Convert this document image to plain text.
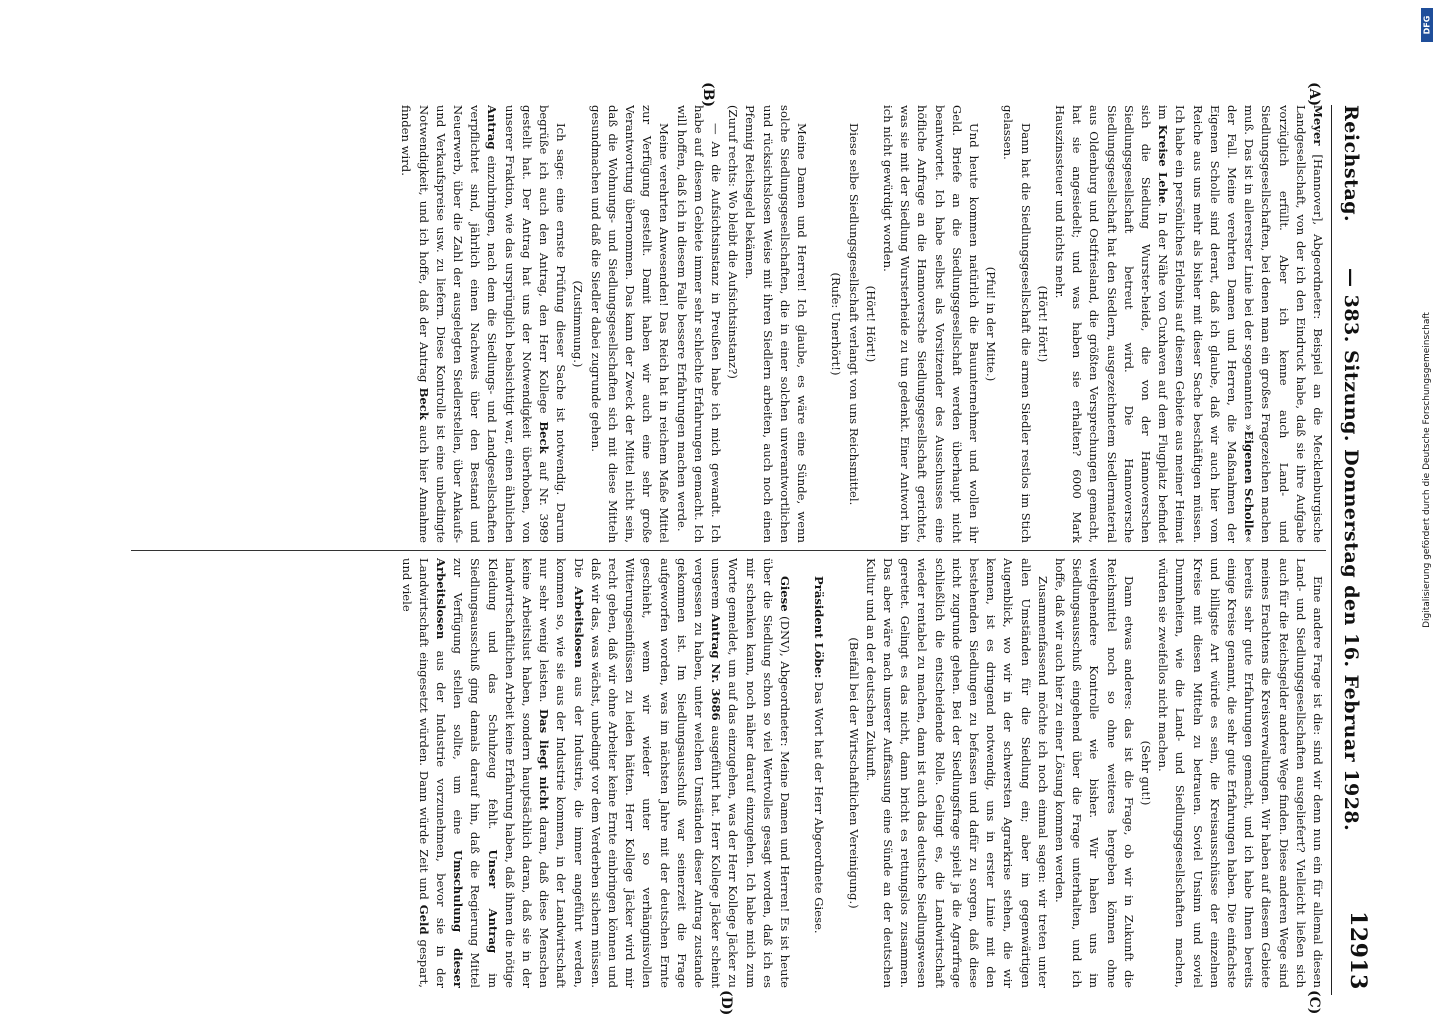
Reichstag.
— 383. Sitzung. Donnerstag den 16. Februar 1928.
12913
(A)
(B)
(C)
(D)

Meyer [Hannover], Abgeordneter: Beispiel an die Mecklenburgische Landgesellschaft, von der ich den Eindruck habe, daß sie ihre Aufgabe vorzüglich erfüllt. Aber ich kenne auch Land- und Siedlungsgesellschaften, bei denen man ein großes Fragezeichen machen muß. Das ist in allererster Linie bei der sogenannten »Eigenen Scholle« der Fall. Meine verehrten Damen und Herren, die Maßnahmen der Eigenen Scholle sind derart, daß ich glaube, daß wir auch hier vom Reiche aus uns mehr als bisher mit dieser Sache beschäftigen müssen. Ich habe ein persönliches Erlebnis auf diesem Gebiete aus meiner Heimat im Kreise Lehe. In der Nähe von Cuxhaven auf dem Flugplatz befindet sich die Siedlung Wurster-heide, die von der Hannoverschen Siedlungsgesellschaft betreut wird. Die Hannoversche Siedlungsgesellschaft hat den Siedlern, ausgezeichnetem Siedlermaterial aus Oldenburg und Ostfriesland, die größten Versprechungen gemacht, hat sie angesiedelt; und was haben sie erhalten? 6000 Mark Hauszinssteuer und nichts mehr.

(Hört! Hört!)

Dann hat die Siedlungsgesellschaft die armen Siedler restlos im Stich gelassen.

(Pfui! in der Mitte.)

Und heute kommen natürlich die Bauunternehmer und wollen ihr Geld. Briefe an die Siedlungsgesellschaft werden überhaupt nicht beantwortet. Ich habe selbst als Vorsitzender des Ausschusses eine höfliche Anfrage an die Hannoversche Siedlungsgesellschaft gerichtet, was sie mit der Siedlung Wursterheide zu tun gedenkt. Einer Antwort bin ich nicht gewürdigt worden.

(Hört! Hört!)

Diese selbe Siedlungsgesellschaft verlangt von uns Reichsmittel.

(Rufe: Unerhört!)

Meine Damen und Herren! Ich glaube, es wäre eine Sünde, wenn solche Siedlungsgesellschaften, die in einer solchen unverantwortlichen und rücksichtslosen Weise mit ihren Siedlern arbeiten, auch noch einen Pfennig Reichsgeld bekämen.

(Zuruf rechts: Wo bleibt die Aufsichtsinstanz?)

— An die Aufsichtsinstanz in Preußen habe ich mich gewandt. Ich habe auf diesem Gebiete immer sehr schlechte Erfahrungen gemacht. Ich will hoffen, daß ich in diesem Falle bessere Erfahrungen machen werde.

Meine verehrten Anwesenden! Das Reich hat in reichem Maße Mittel zur Verfügung gestellt. Damit haben wir auch eine sehr große Verantwortung übernommen. Das kann der Zweck der Mittel nicht sein, daß die Wohnungs- und Siedlungsgesellschaften sich mit diese Mitteln gesundmachen und daß die Siedler dabei zugrunde gehen.

(Zustimmung.)

Ich sage: eine ernste Prüfung dieser Sache ist notwendig. Darum begrüße ich auch den Antrag, den Herr Kollege Beck auf Nr. 3989 gestellt hat. Der Antrag hat uns der Notwendigkeit überhoben, von unserer Fraktion, wie das ursprünglich beabsichtigt war, einen ähnlichen Antrag einzubringen, nach dem die Siedlungs- und Landgesellschaften verpflichtet sind, jährlich einen Nachweis über den Bestand und Neuerwerb, über die Zahl der ausgelegten Siedlerstellen, über Ankaufs- und Verkaufspreise usw. zu liefern. Diese Kontrolle ist eine unbedingte Notwendigkeit, und ich hoffe, daß der Antrag Beck auch hier Annahme finden wird.

Eine andere Frage ist die: sind wir denn nun ein für allemal diesen Land- und Siedlungsgesellschaften ausgeliefert? Vielleicht ließen sich auch für die Reichsgelder andere Wege finden. Diese anderen Wege sind meines Erachtens die Kreisverwaltungen. Wir haben auf diesem Gebiete bereits sehr gute Erfahrungen gemacht, und ich habe Ihnen bereits einige Kreise genannt, die sehr gute Erfahrungen haben. Die einfachste und billigste Art würde es sein, die Kreisausschüsse der einzelnen Kreise mit diesen Mitteln zu betrauen. Soviel Unsinn und soviel Dummheiten, wie die Land- und Siedlungsgesellschaften machen, würden sie zweifellos nicht machen.

(Sehr gut!)

Dann etwas anderes: das ist die Frage, ob wir in Zukunft die Reichsmittel noch so ohne weiteres hergeben können ohne weitgehendere Kontrolle wie bisher. Wir haben uns im Siedlungsausschuß eingehend über die Frage unterhalten, und ich hoffe, daß wir auch hier zu einer Lösung kommen werden.

Zusammenfassend möchte ich noch einmal sagen: wir treten unter allen Umständen für die Siedlung ein; aber im gegenwärtigen Augenblick, wo wir in der schwersten Agrarkrise stehen, die wir kennen, ist es dringend notwendig, uns in erster Linie mit den bestehenden Siedlungen zu befassen und dafür zu sorgen, daß diese nicht zugrunde gehen. Bei der Siedlungsfrage spielt ja die Agrarfrage schließlich die entscheidende Rolle. Gelingt es, die Landwirtschaft wieder rentabel zu machen, dann ist auch das deutsche Siedlungswesen gerettet. Gelingt es das nicht, dann bricht es rettungslos zusammen. Das aber wäre nach unserer Auffassung eine Sünde an der deutschen Kultur und an der deutschen Zukunft.

(Beifall bei der Wirtschaftlichen Vereinigung.)

Präsident Löbe: Das Wort hat der Herr Abgeordnete Giese.

Giese (DNV), Abgeordneter: Meine Damen und Herren! Es ist heute über die Siedlung schon so viel Wertvolles gesagt worden, daß ich es mir schenken kann, noch näher darauf einzugehen. Ich habe mich zum Worte gemeldet, um auf das einzugehen, was der Herr Kollege Jäcker zu unserem Antrag Nr. 3686 ausgeführt hat. Herr Kollege Jäcker scheint vergessen zu haben, unter welchen Umständen dieser Antrag zustande gekommen ist. Im Siedlungsausschuß war seinerzeit die Frage aufgeworfen worden, was im nächsten Jahre mit der deutschen Ernte geschieht, wenn wir wieder unter so verhängnisvollen Witterungseinflüssen zu leiden hätten. Herr Kollege Jäcker wird mir recht geben, daß wir ohne Arbeiter keine Ernte einbringen können und daß wir das, was wächst, unbedingt vor dem Verderben sichern müssen. Die Arbeitslosen aus der Industrie, die immer angeführt werden, kommen so, wie sie aus der Industrie kommen, in der Landwirtschaft nur sehr wenig leisten. Das liegt nicht daran, daß diese Menschen keine Arbeitslust haben, sondern hauptsächlich daran, daß sie in der landwirtschaftlichen Arbeit keine Erfahrung haben, daß ihnen die nötige Kleidung und das Schuhzeug fehlt. Unser Antrag im Siedlungsausschuß ging damals darauf hin, daß die Regierung Mittel zur Verfügung stellen sollte, um eine Umschulung dieser Arbeitslosen aus der Industrie vorzunehmen, bevor sie in der Landwirtschaft eingesetzt würden. Dann würde Zeit und Geld gespart, und viele

DFG
Digitalisierung gefördert durch die Deutsche Forschungsgemeinschaft
